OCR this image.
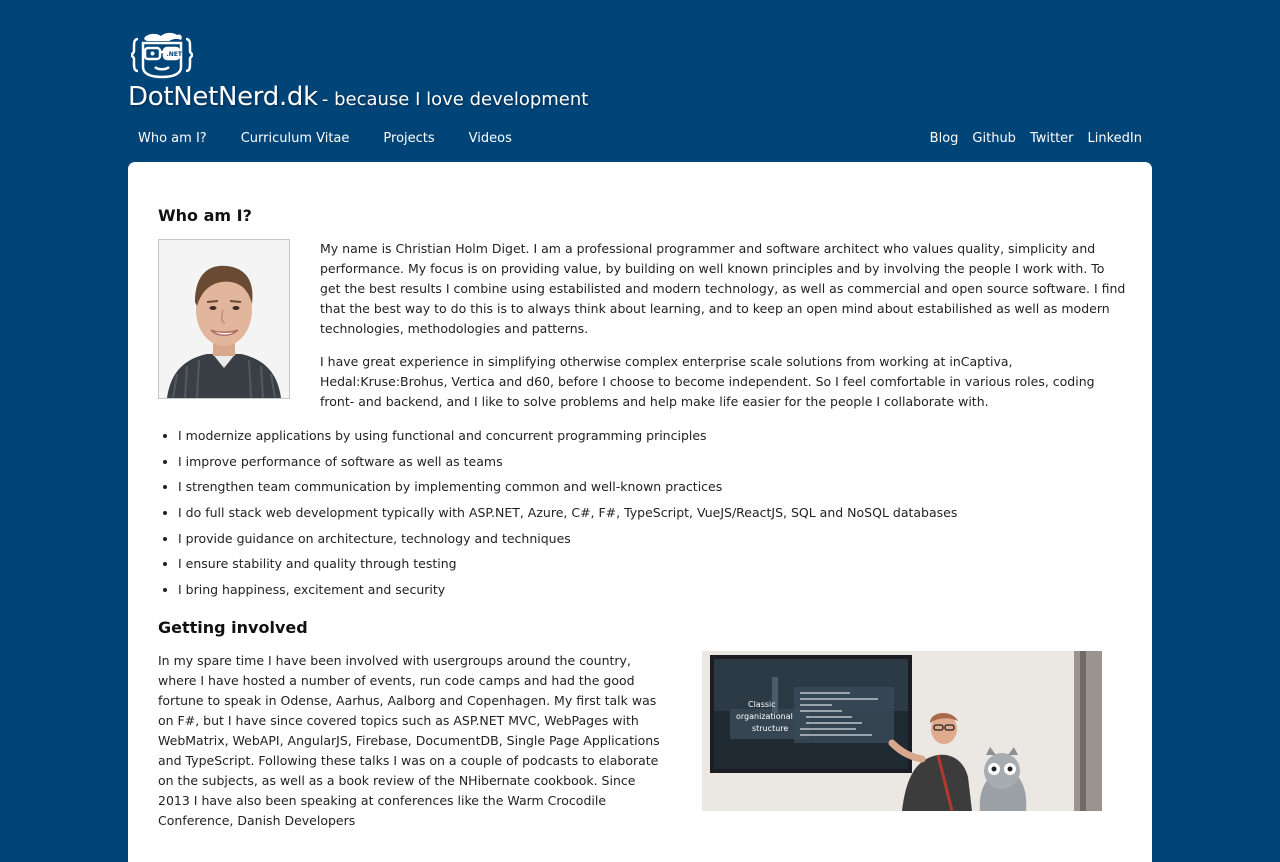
.NET
DotNetNerd.dk - because I love development
Who am I?	Curriculum Vitae	Projects	Videos	Blog	Github	Twitter	LinkedIn
Who am I?

My name is Christian Holm Diget. I am a professional programmer and software architect who values quality, simplicity and performance. My focus is on providing value, by building on well known principles and by involving the people I work with. To get the best results I combine using estabilisted and modern technology, as well as commercial and open source software. I find that the best way to do this is to always think about learning, and to keep an open mind about estabilished as well as modern technologies, methodologies and patterns.

I have great experience in simplifying otherwise complex enterprise scale solutions from working at inCaptiva, Hedal:Kruse:Brohus, Vertica and d60, before I choose to become independent. So I feel comfortable in various roles, coding front- and backend, and I like to solve problems and help make life easier for the people I collaborate with.

• I modernize applications by using functional and concurrent programming principles
• I improve performance of software as well as teams
• I strengthen team communication by implementing common and well-known practices
• I do full stack web development typically with ASP.NET, Azure, C#, F#, TypeScript, VueJS/ReactJS, SQL and NoSQL databases
• I provide guidance on architecture, technology and techniques
• I ensure stability and quality through testing
• I bring happiness, excitement and security
Getting involved

In my spare time I have been involved with usergroups around the country, where I have hosted a number of events, run code camps and had the good fortune to speak in Odense, Aarhus, Aalborg and Copenhagen. My first talk was on F#, but I have since covered topics such as ASP.NET MVC, WebPages with WebMatrix, WebAPI, AngularJS, Firebase, DocumentDB, Single Page Applications and TypeScript. Following these talks I was on a couple of podcasts to elaborate on the subjects, as well as a book review of the NHibernate cookbook. Since 2013 I have also been speaking at conferences like the Warm Crocodile Conference, Danish Developers

Classic
organizational
structure
